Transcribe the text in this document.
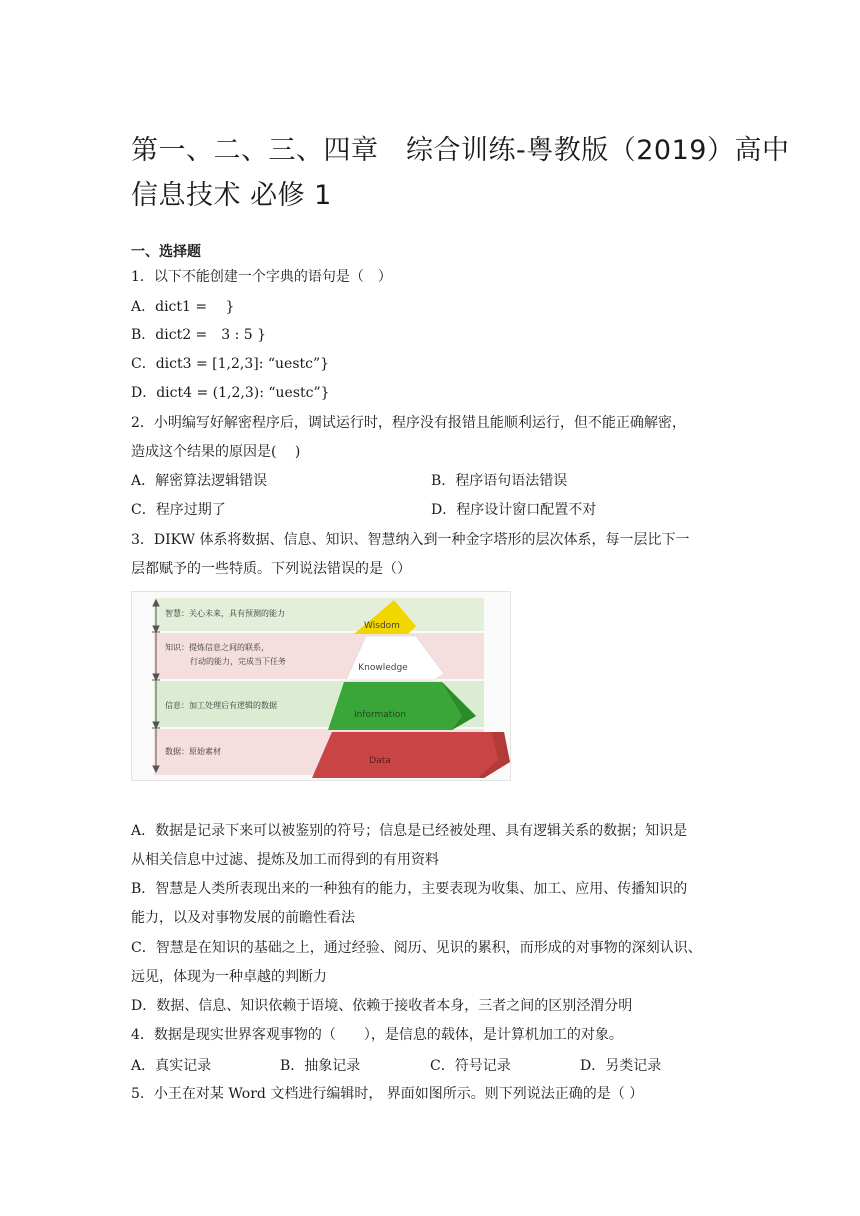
第一、二、三、四章　综合训练-粤教版（2019）高中
信息技术 必修 1
一、选择题
1．以下不能创建一个字典的语句是（　）
A．dict1 =　 }
B．dict2 =　3 : 5 }
C．dict3 = [1,2,3]: “uestc”}
D．dict4 = (1,2,3): “uestc”}
2．小明编写好解密程序后，调试运行时，程序没有报错且能顺利运行，但不能正确解密，
造成这个结果的原因是(　 )
A．解密算法逻辑错误	B．程序语句语法错误
C．程序过期了	D．程序设计窗口配置不对
3．DIKW 体系将数据、信息、知识、智慧纳入到一种金字塔形的层次体系，每一层比下一
层都赋予的一些特质。下列说法错误的是（）
智慧：关心未来，具有预测的能力
知识：提炼信息之间的联系，
行动的能力，完成当下任务
信息：加工处理后有逻辑的数据
数据：原始素材
Wisdom
Knowledge
Information
Data
A．数据是记录下来可以被鉴别的符号；信息是已经被处理、具有逻辑关系的数据；知识是
从相关信息中过滤、提炼及加工而得到的有用资料
B．智慧是人类所表现出来的一种独有的能力，主要表现为收集、加工、应用、传播知识的
能力，以及对事物发展的前瞻性看法
C．智慧是在知识的基础之上，通过经验、阅历、见识的累积，而形成的对事物的深刻认识、
远见，体现为一种卓越的判断力
D．数据、信息、知识依赖于语境、依赖于接收者本身，三者之间的区别泾渭分明
4．数据是现实世界客观事物的（　　），是信息的载体，是计算机加工的对象。
A．真实记录	B．抽象记录	C．符号记录	D．另类记录
5．小王在对某 Word 文档进行编辑时， 界面如图所示。则下列说法正确的是（ ）
